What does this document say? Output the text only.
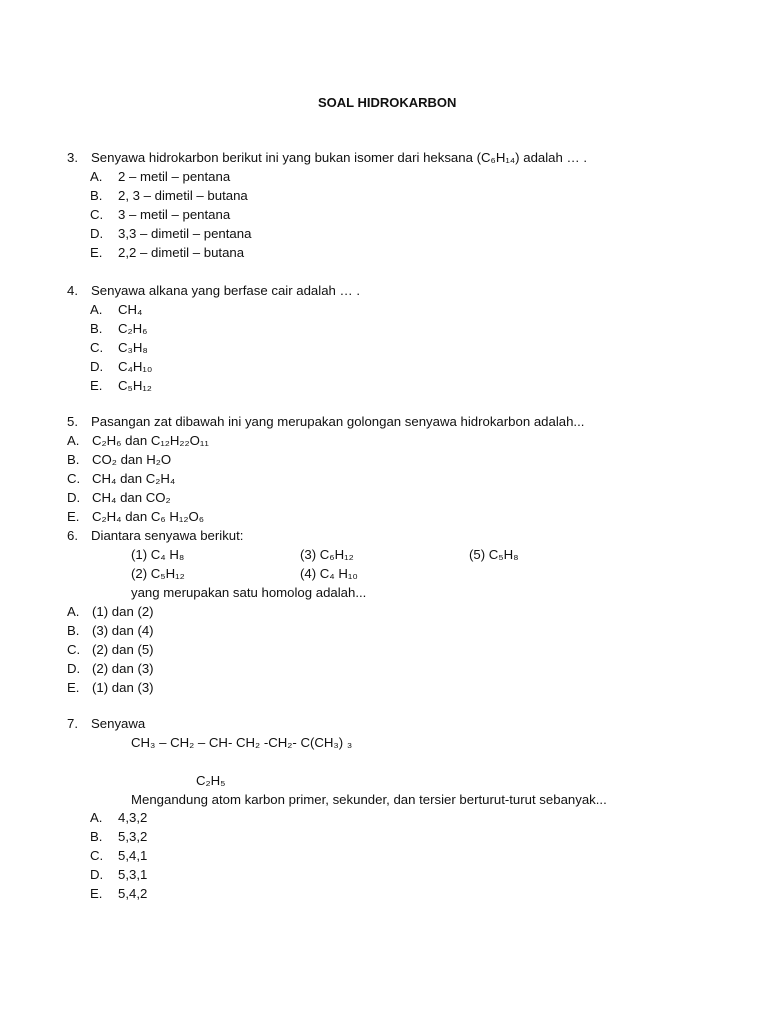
SOAL HIDROKARBON
3. Senyawa hidrokarbon berikut ini yang bukan isomer dari heksana (C₆H₁₄) adalah … .
A. 2 – metil – pentana
B. 2, 3 – dimetil – butana
C. 3 – metil – pentana
D. 3,3 – dimetil – pentana
E. 2,2 – dimetil – butana
4. Senyawa alkana yang berfase cair adalah … .
A. CH₄
B. C₂H₆
C. C₃H₈
D. C₄H₁₀
E. C₅H₁₂
5. Pasangan zat dibawah ini yang merupakan golongan senyawa hidrokarbon adalah...
A. C₂H₆ dan C₁₂H₂₂O₁₁
B. CO₂ dan H₂O
C. CH₄ dan C₂H₄
D. CH₄ dan CO₂
E. C₂H₄ dan C₆ H₁₂O₆
6. Diantara senyawa berikut:
(1) C₄ H₈	(3) C₆H₁₂	(5) C₅H₈
(2) C₅H₁₂	(4) C₄ H₁₀
yang merupakan satu homolog adalah...
A. (1) dan (2)
B. (3) dan (4)
C. (2) dan (5)
D. (2) dan (3)
E. (1) dan (3)
7. Senyawa
CH₃ – CH₂ – CH- CH₂ -CH₂- C(CH₃) ₃
C₂H₅
Mengandung atom karbon primer, sekunder, dan tersier berturut-turut sebanyak...
A. 4,3,2
B. 5,3,2
C. 5,4,1
D. 5,3,1
E. 5,4,2
